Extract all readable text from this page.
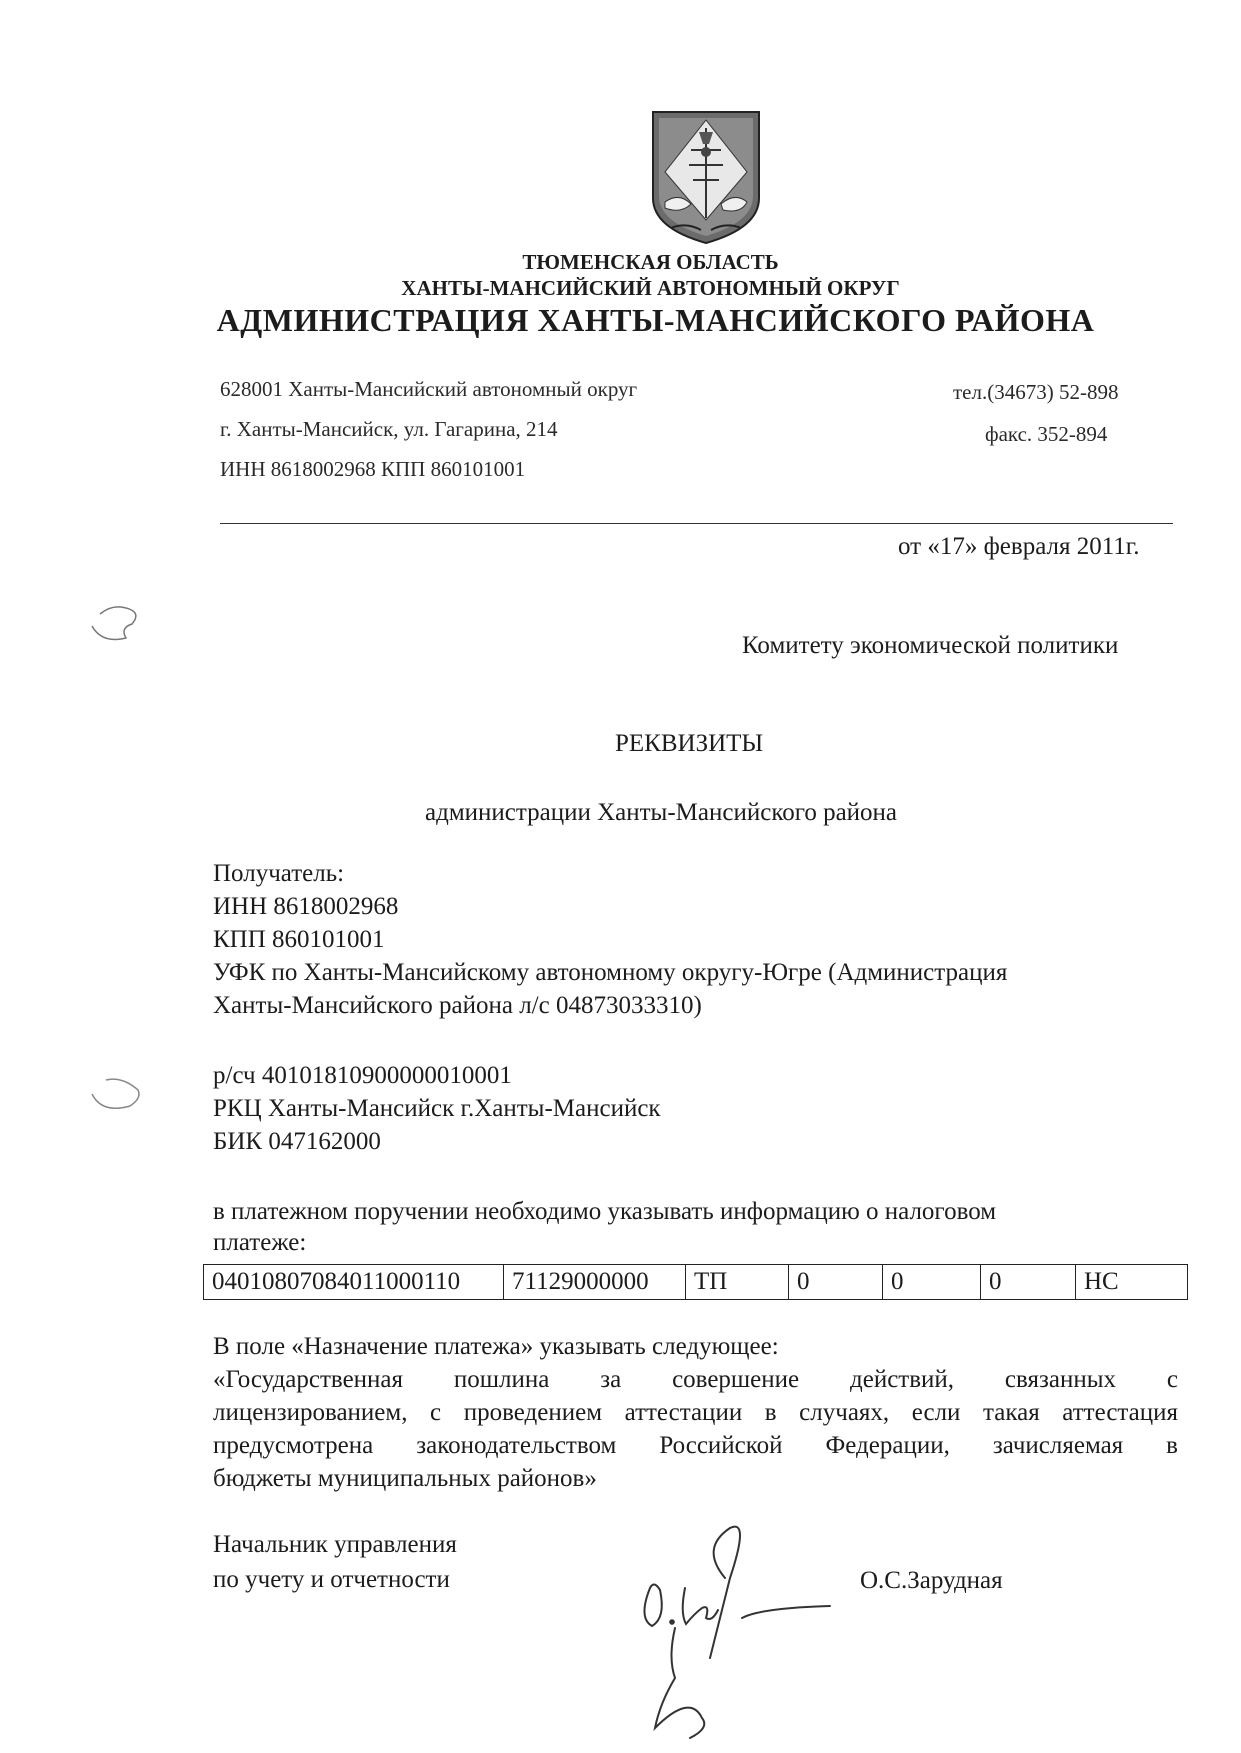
ТЮМЕНСКАЯ ОБЛАСТЬ
ХАНТЫ-МАНСИЙСКИЙ АВТОНОМНЫЙ ОКРУГ
АДМИНИСТРАЦИЯ ХАНТЫ-МАНСИЙСКОГО РАЙОНА
628001 Ханты-Мансийский автономный округ
г. Ханты-Мансийск, ул. Гагарина, 214
ИНН 8618002968 КПП 860101001
тел.(34673) 52-898
факс. 352-894
от «17» февраля 2011г.
Комитету экономической политики
РЕКВИЗИТЫ
администрации Ханты-Мансийского района
Получатель:
ИНН 8618002968
КПП 860101001
УФК по Ханты-Мансийскому автономному округу-Югре (Администрация
Ханты-Мансийского района л/с 04873033310)
р/сч 40101810900000010001
РКЦ Ханты-Мансийск г.Ханты-Мансийск
БИК 047162000
в платежном поручении необходимо указывать информацию о налоговом
платеже:
04010807084011000110	71129000000	ТП	0	0	0	НС
В поле «Назначение платежа» указывать следующее:
«Государственная пошлина за совершение действий, связанных с
лицензированием, с проведением аттестации в случаях, если такая аттестация
предусмотрена законодательством Российской Федерации, зачисляемая в
бюджеты муниципальных районов»
Начальник управления
по учету и отчетности	О.С.Зарудная
